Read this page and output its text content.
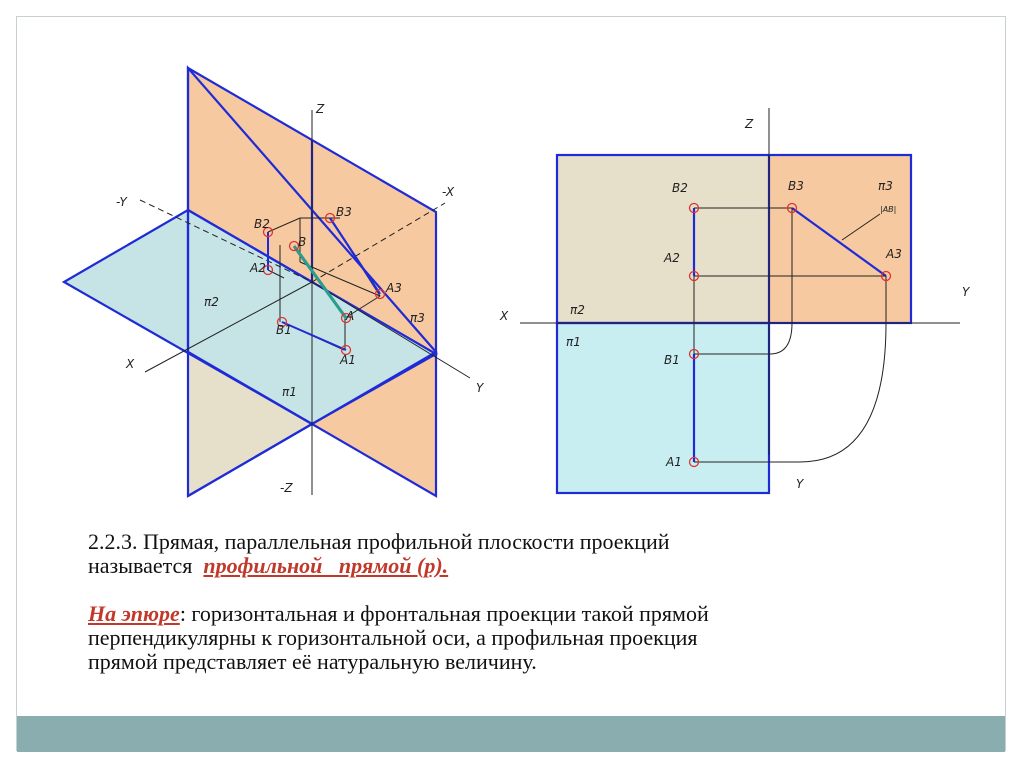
Z
-Z
X
-X
Y
-Y
π2
π1
π3
B2
B
B3
A2
A3
A
B1
A1
Z
X
Y
Y
π2
π1
π3
|AB|
B2
A2
B1
A1
B3
A3
2.2.3. Прямая, параллельная профильной плоскости проекций
называется  профильной   прямой (р).
На эпюре: горизонтальная и фронтальная проекции такой прямой
перпендикулярны к горизонтальной оси, а профильная проекция
прямой представляет её натуральную величину.
